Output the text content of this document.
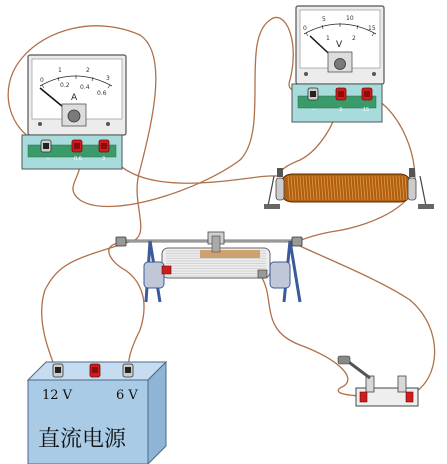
0
0.2 0.4
0.6
1	2
3
A
−	0.6	3
0
5	10
15
1	2
V
−	3	15
12 V	6 V
直流电源
